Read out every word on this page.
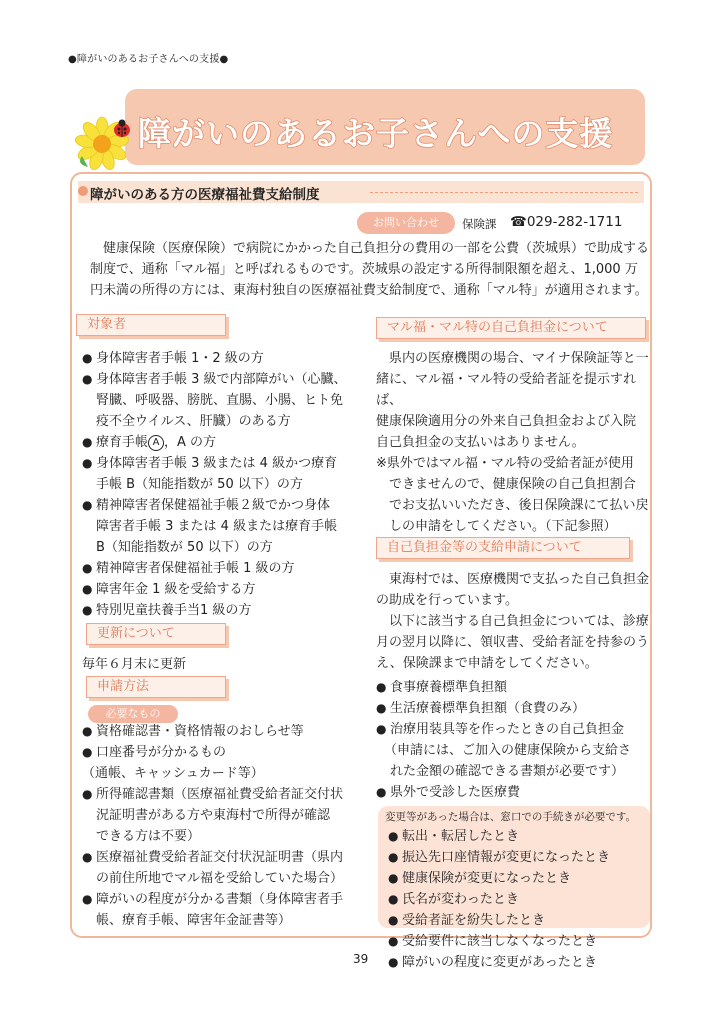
●障がいのあるお子さんへの支援●
障がいのあるお子さんへの支援
障がいのある方の医療福祉費支給制度
お問い合わせ	保険課 ☎029-282-1711

健康保険（医療保険）で病院にかかった自己負担分の費用の一部を公費（茨城県）で助成する

制度で、通称「マル福」と呼ばれるものです。茨城県の設定する所得制限額を超え、1,000 万
円未満の所得の方には、東海村独自の医療福祉費支給制度で、通称「マル特」が適用されます。
対象者
● 身体障害者手帳 1・2 級の方
● 身体障害者手帳 3 級で内部障がい（心臓、
腎臓、呼吸器、膀胱、直腸、小腸、ヒト免
疫不全ウイルス、肝臓）のある方
● 療育手帳 A ，A の方
● 身体障害者手帳 3 級または 4 級かつ療育
手帳 B（知能指数が 50 以下）の方
● 精神障害者保健福祉手帳２級でかつ身体
障害者手帳 3 または 4 級または療育手帳
B（知能指数が 50 以下）の方
● 精神障害者保健福祉手帳 1 級の方
● 障害年金 1 級を受給する方
● 特別児童扶養手当1 級の方
更新について
毎年６月末に更新
申請方法
必要なもの
● 資格確認書・資格情報のおしらせ等
● 口座番号が分かるもの
（通帳、キャッシュカード等）
● 所得確認書類（医療福祉費受給者証交付状
況証明書がある方や東海村で所得が確認
できる方は不要）
● 医療福祉費受給者証交付状況証明書（県内
の前住所地でマル福を受給していた場合）
● 障がいの程度が分かる書類（身体障害者手
帳、療育手帳、障害年金証書等）
マル福・マル特の自己負担金について
県内の医療機関の場合、マイナ保険証等と一
緒に、マル福・マル特の受給者証を提示すれば、
健康保険適用分の外来自己負担金および入院
自己負担金の支払いはありません。
※県外ではマル福・マル特の受給者証が使用
できませんので、健康保険の自己負担割合
でお支払いいただき、後日保険課にて払い戻
しの申請をしてください。（下記参照）
自己負担金等の支給申請について
東海村では、医療機関で支払った自己負担金
の助成を行っています。
以下に該当する自己負担金については、診療
月の翌月以降に、領収書、受給者証を持参のう
え、保険課まで申請をしてください。
● 食事療養標準負担額
● 生活療養標準負担額（食費のみ）
● 治療用装具等を作ったときの自己負担金
（申請には、ご加入の健康保険から支給さ
れた金額の確認できる書類が必要です）
● 県外で受診した医療費
変更等があった場合は、窓口での手続きが必要です。
● 転出・転居したとき
● 振込先口座情報が変更になったとき
● 健康保険が変更になったとき
● 氏名が変わったとき
● 受給者証を紛失したとき
● 受給要件に該当しなくなったとき
● 障がいの程度に変更があったとき
39
